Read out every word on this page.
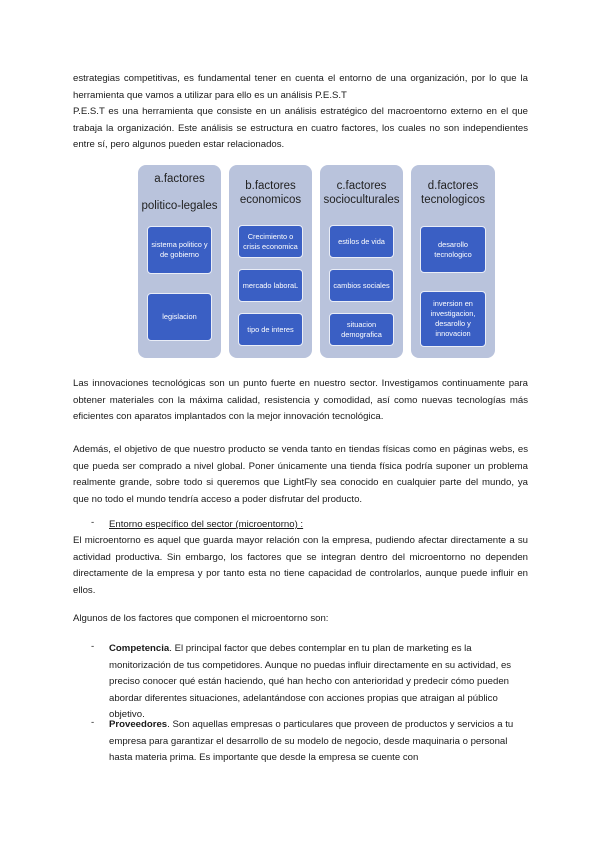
estrategias competitivas, es fundamental tener en cuenta el entorno de una organización, por lo que la herramienta que vamos a utilizar para ello es un análisis P.E.S.T

P.E.S.T es una herramienta que consiste en un análisis estratégico del macroentorno externo en el que trabaja la organización. Este análisis se estructura en cuatro factores, los cuales no son independientes entre sí, pero algunos pueden estar relacionados.

a.factores
politico-legales
sistema politico y de gobierno
legislacion
b.factores
economicos
Crecimiento o crisis economica
mercado laboraL
tipo de interes
c.factores
socioculturales
estilos de vida
cambios sociales
situacion demografica
d.factores
tecnologicos
desarollo tecnologico
inversion en investigacion, desarollo y innovacion

Las innovaciones tecnológicas son un punto fuerte en nuestro sector. Investigamos continuamente para obtener materiales con la máxima calidad, resistencia y comodidad, así como nuevas tecnologías más eficientes con aparatos implantados con la mejor innovación tecnológica.

Además, el objetivo de que nuestro producto se venda tanto en tiendas físicas como en páginas webs, es que pueda ser comprado a nivel global. Poner únicamente una tienda física podría suponer un problema realmente grande, sobre todo si queremos que LightFly sea conocido en cualquier parte del mundo, ya que no todo el mundo tendría acceso a poder disfrutar del producto.

- Entorno específico del sector (microentorno) :

El microentorno es aquel que guarda mayor relación con la empresa, pudiendo afectar directamente a su actividad productiva. Sin embargo, los factores que se integran dentro del microentorno no dependen directamente de la empresa y por tanto esta no tiene capacidad de controlarlos, aunque puede influir en ellos.

Algunos de los factores que componen el microentorno son:

- Competencia. El principal factor que debes contemplar en tu plan de marketing es la monitorización de tus competidores. Aunque no puedas influir directamente en su actividad, es preciso conocer qué están haciendo, qué han hecho con anterioridad y predecir cómo pueden abordar diferentes situaciones, adelantándose con acciones propias que atraigan al público objetivo.

- Proveedores. Son aquellas empresas o particulares que proveen de productos y servicios a tu empresa para garantizar el desarrollo de su modelo de negocio, desde maquinaria o personal hasta materia prima. Es importante que desde la empresa se cuente con
